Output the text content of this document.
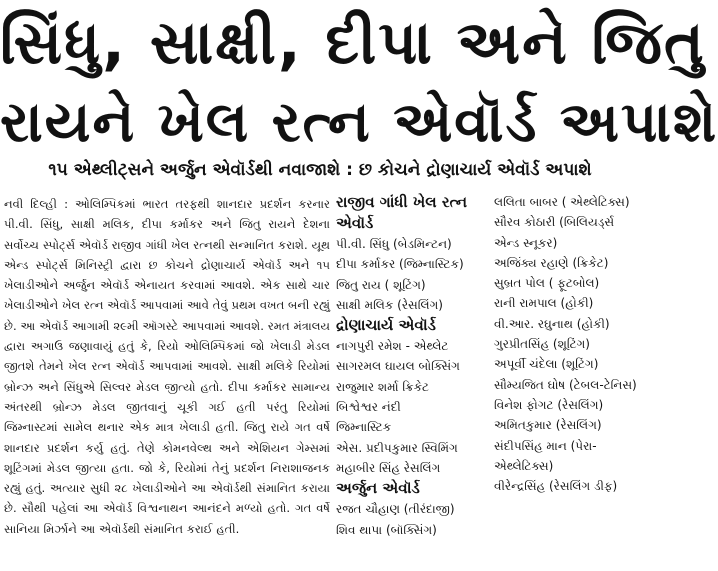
સિંધુ, સાક્ષી, દીપા અને જિતુ
રાયને ખેલ રત્ન એવૉર્ડ અપાશે
૧૫ એથ્લીટ્સને અર્જુન એવૉર્ડથી નવાજાશે : છ કોચને દ્રોણાચાર્ય એવૉર્ડ અપાશે

નવી દિલ્હી : ઓલિમ્પિકમાં ભારત તરફથી શાનદાર પ્રદર્શન કરનાર પી.વી. સિંધુ, સાક્ષી મલિક, દીપા કર્માકર અને જિતુ રાયને દેશના સર્વોચ્ચ સ્પોર્ટ્સ એવૉર્ડ રાજીવ ગાંધી ખેલ રત્નથી સન્માનિત કરાશે. યૂથ એન્ડ સ્પોર્ટ્સ મિનિસ્ટ્રી દ્વારા છ કોચને દ્રોણાચાર્ય એવૉર્ડ અને ૧૫ ખેલાડીઓને અર્જુન એવૉર્ડ એનાયત કરવામાં આવશે. એક સાથે ચાર ખેલાડીઓને ખેલ રત્ન એવૉર્ડ આપવામાં આવે તેવું પ્રથમ વખત બની રહ્યું છે. આ એવૉર્ડ આગામી ૨૯મી ઑગસ્ટે આપવામાં આવશે. રમત મંત્રાલય દ્વારા અગાઉ જણાવાયું હતું કે, રિયો ઓલિમ્પિકમાં જો ખેલાડી મેડલ જીતશે તેમને ખેલ રત્ન એવૉર્ડ આપવામાં આવશે. સાક્ષી મલિકે રિયોમાં બ્રોન્ઝ અને સિંધુએ સિલ્વર મેડલ જીત્યો હતો. દીપા કર્માકર સામાન્ય અંતરથી બ્રોન્ઝ મેડલ જીતવાનું ચૂકી ગઈ હતી પરંતુ રિયોમાં જિમ્નાસ્ટમાં સામેલ થનાર એક માત્ર ખેલાડી હતી. જિતુ રાયે ગત વર્ષે શાનદાર પ્રદર્શન કર્યુ હતું. તેણે કોમનવેલ્થ અને એશિયન ગેમ્સમાં શૂટિંગમાં મેડલ જીત્યા હતા. જો કે, રિયોમાં તેનું પ્રદર્શન નિરાશાજનક રહ્યું હતું. અત્યાર સુધી ૨૮ ખેલાડીઓને આ એવૉર્ડથી સંમાનિત કરાયા છે. સૌથી પહેલાં આ એવૉર્ડ વિશ્વનાથન આનંદને મળ્યો હતો. ગત વર્ષે સાનિયા મિર્ઝાને આ એવૉર્ડથી સંમાનિત કરાઈ હતી.

રાજીવ ગાંધી ખેલ રત્ન એવૉર્ડ
પી.વી. સિંધુ (બેડમિન્ટન)
દીપા કર્માકર (જિમ્નાસ્ટિક)
જિતુ રાય ( શૂટિંગ)
સાક્ષી મલિક (રેસલિંગ)
દ્રોણાચાર્ય એવૉર્ડ
નાગપુરી રમેશ - એથ્લેટ
સાગરમલ ઘાયલ બોક્સિંગ
રાજુમાર શર્મા ક્રિકેટ
બિશ્વેશ્વર નંદી
જિમ્નાસ્ટિક
એસ. પ્રદીપકુમાર સ્વિમિંગ
મહાબીર સિંહ રેસલિંગ
અર્જુન એવૉર્ડ
રજત ચૌહાણ (તીરંદાજી)
શિવ થાપા (બૉક્સિંગ)
લલિતા બાબર ( એથ્લેટિક્સ)
સૌરવ કોઠારી (બિલિયર્ડ્સ એન્ડ સ્નૂકર)
અજિંક્ય રહાણે (ક્રિકેટ)
સુબ્રત પોલ ( ફૂટબોલ)
રાની રામપાલ (હોકી)
વી.આર. રઘુનાથ (હોકી)
ગુરપ્રીતસિંહ (શૂટિંગ)
અપૂર્વી ચંદેલા (શૂટિંગ)
સૌમ્યજિત ઘોષ (ટેબલ-ટેનિસ)
વિનેશ ફોગટ (રેસલિંગ)
અમિતકુમાર (રેસલિંગ)
સંદીપસિંહ માન (પેરા-એથ્લેટિક્સ)
વીરેન્દ્રસિંહ (રેસલિંગ ડીફ)
